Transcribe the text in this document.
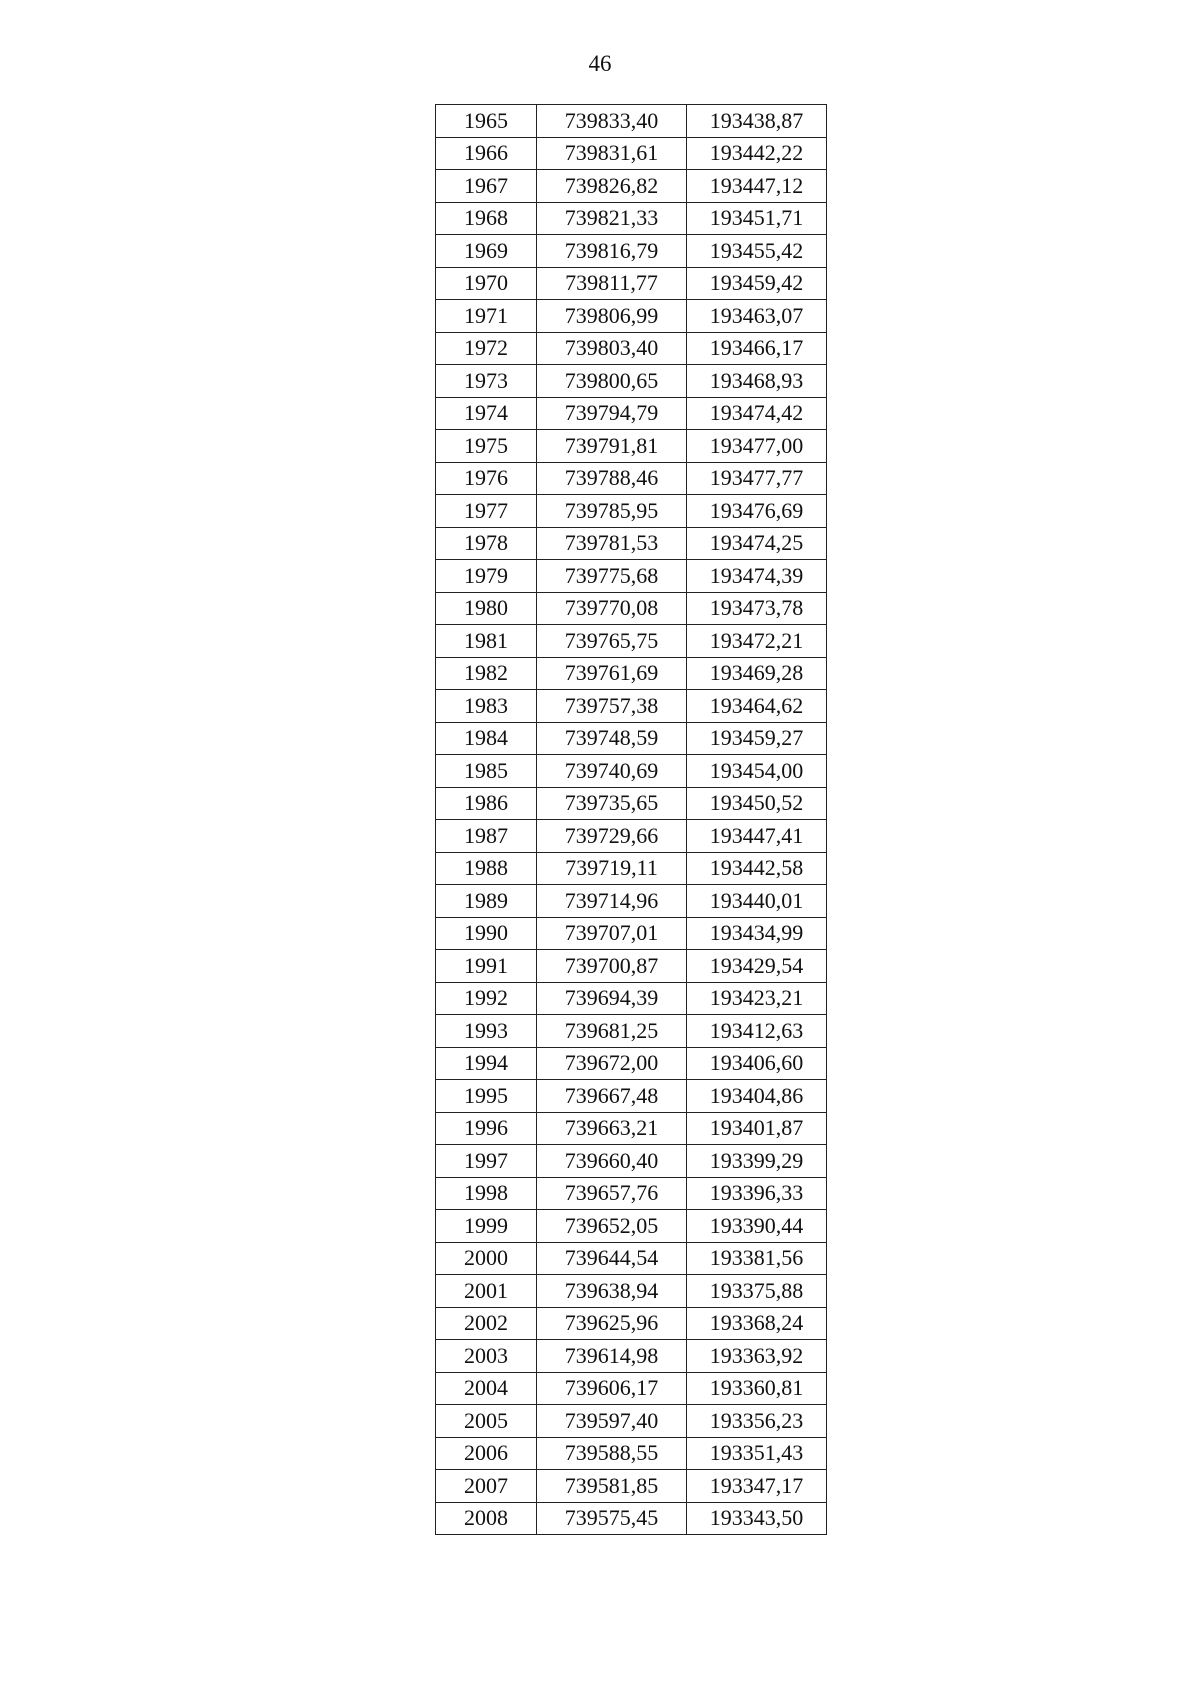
46
1965	739833,40	193438,87
1966	739831,61	193442,22
1967	739826,82	193447,12
1968	739821,33	193451,71
1969	739816,79	193455,42
1970	739811,77	193459,42
1971	739806,99	193463,07
1972	739803,40	193466,17
1973	739800,65	193468,93
1974	739794,79	193474,42
1975	739791,81	193477,00
1976	739788,46	193477,77
1977	739785,95	193476,69
1978	739781,53	193474,25
1979	739775,68	193474,39
1980	739770,08	193473,78
1981	739765,75	193472,21
1982	739761,69	193469,28
1983	739757,38	193464,62
1984	739748,59	193459,27
1985	739740,69	193454,00
1986	739735,65	193450,52
1987	739729,66	193447,41
1988	739719,11	193442,58
1989	739714,96	193440,01
1990	739707,01	193434,99
1991	739700,87	193429,54
1992	739694,39	193423,21
1993	739681,25	193412,63
1994	739672,00	193406,60
1995	739667,48	193404,86
1996	739663,21	193401,87
1997	739660,40	193399,29
1998	739657,76	193396,33
1999	739652,05	193390,44
2000	739644,54	193381,56
2001	739638,94	193375,88
2002	739625,96	193368,24
2003	739614,98	193363,92
2004	739606,17	193360,81
2005	739597,40	193356,23
2006	739588,55	193351,43
2007	739581,85	193347,17
2008	739575,45	193343,50
